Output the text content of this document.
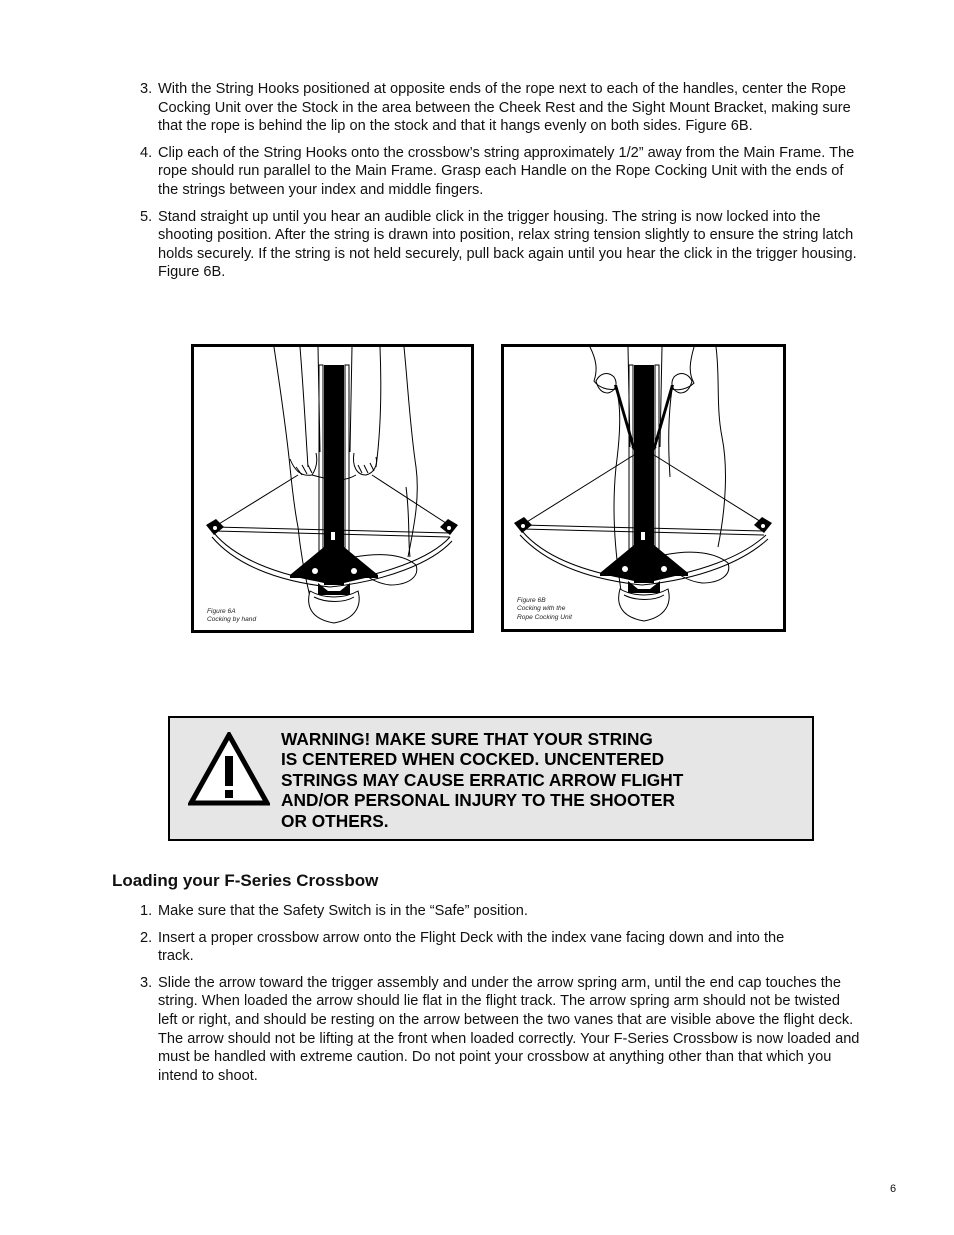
3. With the String Hooks positioned at opposite ends of the rope next to each of the handles, center the Rope Cocking Unit over the Stock in the area between the Cheek Rest and the Sight Mount Bracket, making sure that the rope is behind the lip on the stock and that it hangs evenly on both sides. Figure 6B.
4. Clip each of the String Hooks onto the crossbow’s string approximately 1/2” away from the Main Frame. The rope should run parallel to the Main Frame. Grasp each Handle on the Rope Cocking Unit with the ends of the strings between your index and middle fingers.
5. Stand straight up until you hear an audible click in the trigger housing. The string is now locked into the shooting position. After the string is drawn into position, relax string tension slightly to ensure the string latch holds securely. If the string is not held securely, pull back again until you hear the click in the trigger housing. Figure 6B.
Figure 6A
Cocking by hand
Figure 6B
Cocking with the
Rope Cocking Unit
WARNING! MAKE SURE THAT YOUR STRING
IS CENTERED WHEN COCKED. UNCENTERED
STRINGS MAY CAUSE ERRATIC ARROW FLIGHT
AND/OR PERSONAL INJURY TO THE SHOOTER
OR OTHERS.
Loading your F-Series Crossbow
1. Make sure that the Safety Switch is in the “Safe” position.
2. Insert a proper crossbow arrow onto the Flight Deck with the index vane facing down and into the track.
3. Slide the arrow toward the trigger assembly and under the arrow spring arm, until the end cap touches the string. When loaded the arrow should lie flat in the flight track. The arrow spring arm should not be twisted left or right, and should be resting on the arrow between the two vanes that are visible above the flight deck. The arrow should not be lifting at the front when loaded correctly. Your F-Series Crossbow is now loaded and must be handled with extreme caution. Do not point your crossbow at anything other than that which you intend to shoot.
6
